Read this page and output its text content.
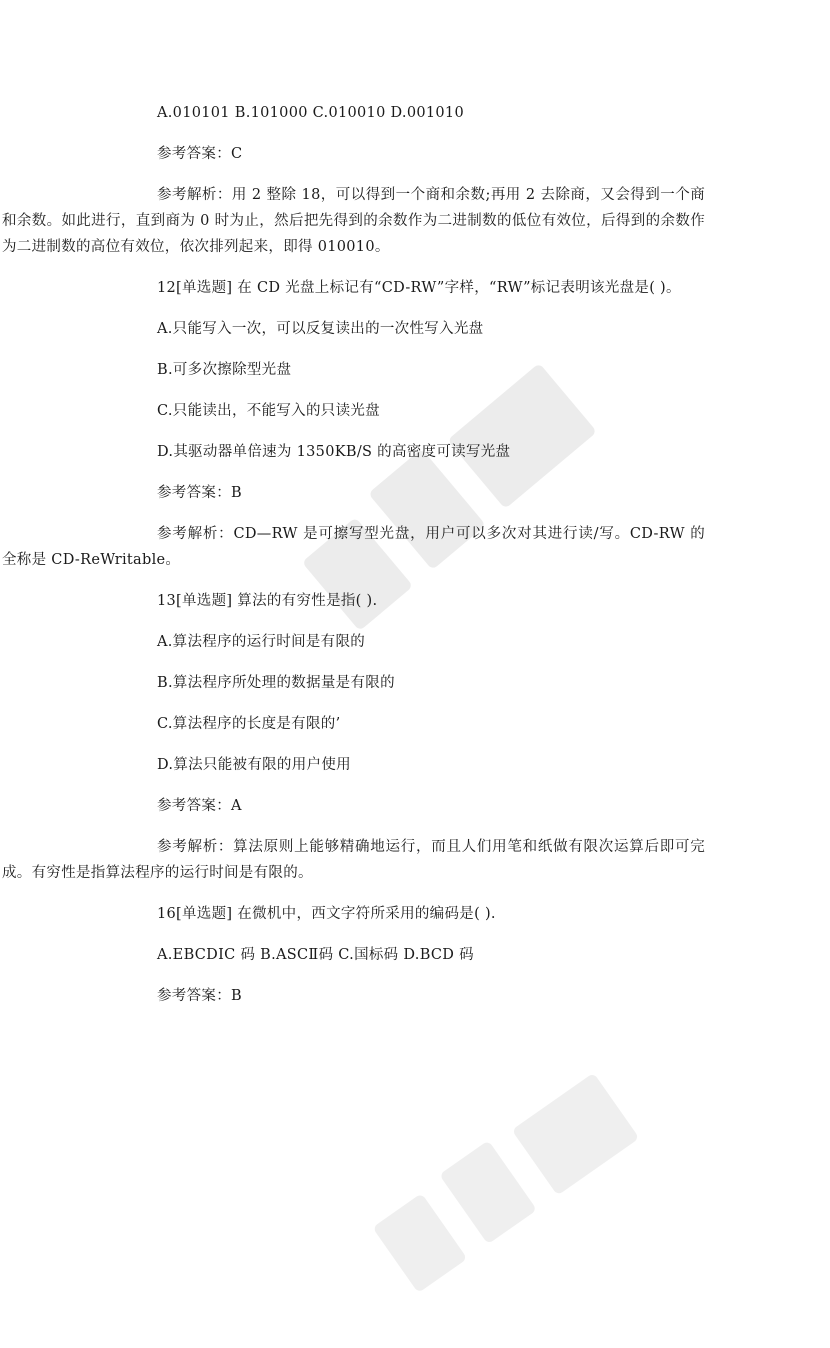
A.010101 B.101000 C.010010 D.001010

参考答案：C

参考解析：用 2 整除 18，可以得到一个商和余数;再用 2 去除商，又会得到一个商和余数。如此进行，直到商为 0 时为止，然后把先得到的余数作为二进制数的低位有效位，后得到的余数作为二进制数的高位有效位，依次排列起来，即得 010010。

12[单选题] 在 CD 光盘上标记有“CD-RW”字样，“RW”标记表明该光盘是( )。

A.只能写入一次，可以反复读出的一次性写入光盘

B.可多次擦除型光盘

C.只能读出，不能写入的只读光盘

D.其驱动器单倍速为 1350KB/S 的高密度可读写光盘

参考答案：B

参考解析：CD—RW 是可擦写型光盘，用户可以多次对其进行读/写。CD-RW 的全称是 CD-ReWritable。

13[单选题] 算法的有穷性是指( ).

A.算法程序的运行时间是有限的

B.算法程序所处理的数据量是有限的

C.算法程序的长度是有限的’

D.算法只能被有限的用户使用

参考答案：A

参考解析：算法原则上能够精确地运行，而且人们用笔和纸做有限次运算后即可完成。有穷性是指算法程序的运行时间是有限的。

16[单选题] 在微机中，西文字符所采用的编码是( ).

A.EBCDIC 码 B.ASCⅡ码 C.国标码 D.BCD 码

参考答案：B
